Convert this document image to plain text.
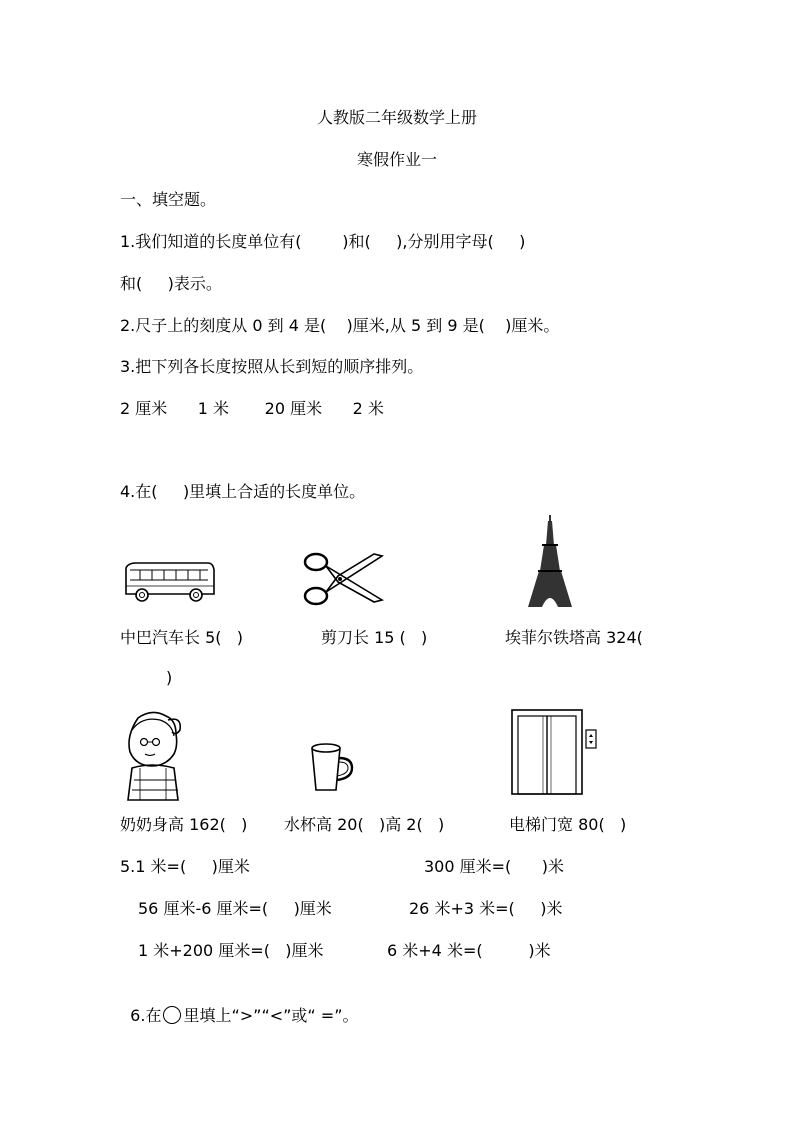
人教版二年级数学上册
寒假作业一
一、填空题。
1.我们知道的长度单位有(        )和(     ),分别用字母(     )
和(     )表示。
2.尺子上的刻度从 0 到 4 是(    )厘米,从 5 到 9 是(    )厘米。
3.把下列各长度按照从长到短的顺序排列。
2 厘米      1 米       20 厘米      2 米
4.在(     )里填上合适的长度单位。
中巴汽车长 5(   )	剪刀长 15 (   )	埃菲尔铁塔高 324(
)
奶奶身高 162(   ) 水杯高 20(   )高 2(   )	电梯门宽 80(   )
5.1 米=(     )厘米	300 厘米=(      )米
56 厘米-6 厘米=(     )厘米	26 米+3 米=(     )米
1 米+200 厘米=(   )厘米	6 米+4 米=(         )米

6.在 里填上“>”“<”或“ =”。
